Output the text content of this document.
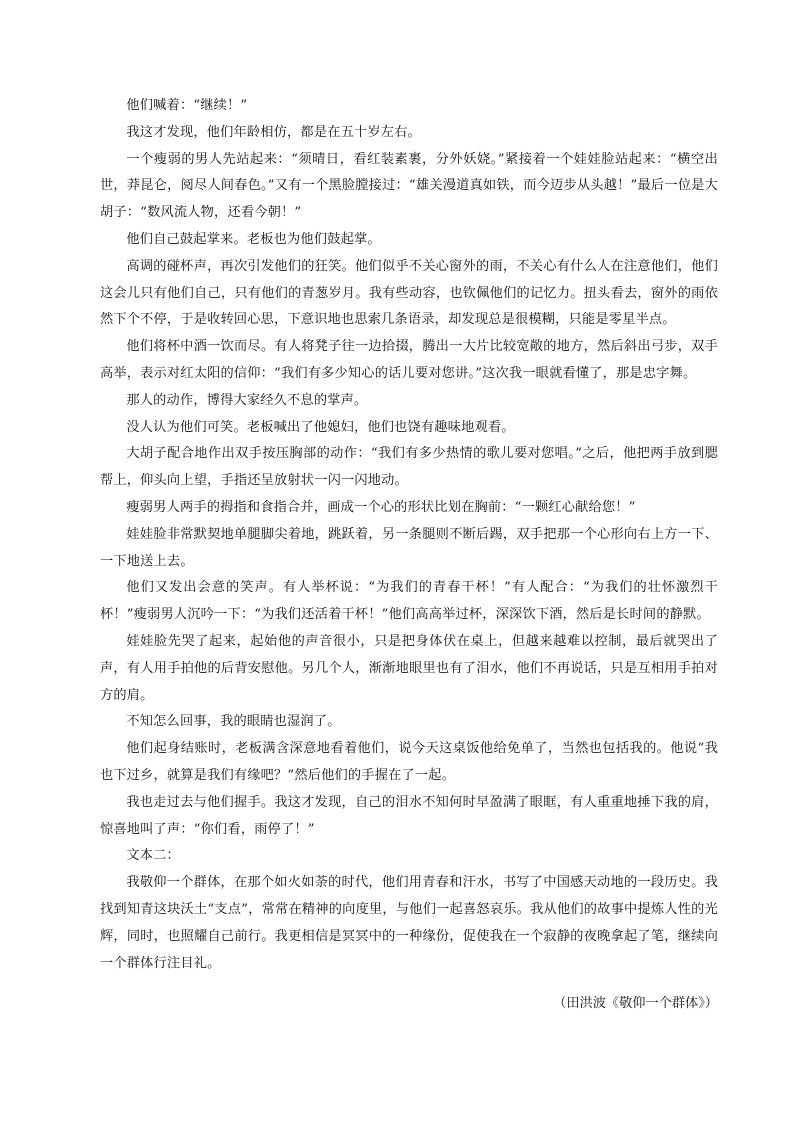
他们喊着：“继续！”

我这才发现，他们年龄相仿，都是在五十岁左右。

一个瘦弱的男人先站起来：“须晴日，看红装素裹，分外妖娆。”紧接着一个娃娃脸站起来：“横空出世，莽昆仑，阅尽人间春色。”又有一个黑脸膛接过：“雄关漫道真如铁，而今迈步从头越！”最后一位是大胡子：“数风流人物，还看今朝！”

他们自己鼓起掌来。老板也为他们鼓起掌。

高调的碰杯声，再次引发他们的狂笑。他们似乎不关心窗外的雨，不关心有什么人在注意他们，他们这会儿只有他们自己，只有他们的青葱岁月。我有些动容，也钦佩他们的记忆力。扭头看去，窗外的雨依然下个不停，于是收转回心思，下意识地也思索几条语录，却发现总是很模糊，只能是零星半点。

他们将杯中酒一饮而尽。有人将凳子往一边拾掇，腾出一大片比较宽敞的地方，然后斜出弓步，双手高举，表示对红太阳的信仰：“我们有多少知心的话儿要对您讲。”这次我一眼就看懂了，那是忠字舞。

那人的动作，博得大家经久不息的掌声。

没人认为他们可笑。老板喊出了他媳妇，他们也饶有趣味地观看。

大胡子配合地作出双手按压胸部的动作：“我们有多少热情的歌儿要对您唱。”之后，他把两手放到腮帮上，仰头向上望，手指还呈放射状一闪一闪地动。

瘦弱男人两手的拇指和食指合并，画成一个心的形状比划在胸前：“一颗红心献给您！”

娃娃脸非常默契地单腿脚尖着地，跳跃着，另一条腿则不断后踢，双手把那一个心形向右上方一下、一下地送上去。

他们又发出会意的笑声。有人举杯说：“为我们的青春干杯！”有人配合：“为我们的壮怀激烈干杯！”瘦弱男人沉吟一下：“为我们还活着干杯！”他们高高举过杯，深深饮下酒，然后是长时间的静默。

娃娃脸先哭了起来，起始他的声音很小，只是把身体伏在桌上，但越来越难以控制，最后就哭出了声，有人用手拍他的后背安慰他。另几个人，渐渐地眼里也有了泪水，他们不再说话，只是互相用手拍对方的肩。

不知怎么回事，我的眼睛也湿润了。

他们起身结账时，老板满含深意地看着他们，说今天这桌饭他给免单了，当然也包括我的。他说“我也下过乡，就算是我们有缘吧？”然后他们的手握在了一起。

我也走过去与他们握手。我这才发现，自己的泪水不知何时早盈满了眼眶，有人重重地捶下我的肩，惊喜地叫了声：“你们看，雨停了！”

文本二：

我敬仰一个群体，在那个如火如荼的时代，他们用青春和汗水，书写了中国感天动地的一段历史。我找到知青这块沃土“支点”，常常在精神的向度里，与他们一起喜怒哀乐。我从他们的故事中提炼人性的光辉，同时，也照耀自己前行。我更相信是冥冥中的一种缘份，促使我在一个寂静的夜晚拿起了笔，继续向一个群体行注目礼。

（田洪波《敬仰一个群体》）
